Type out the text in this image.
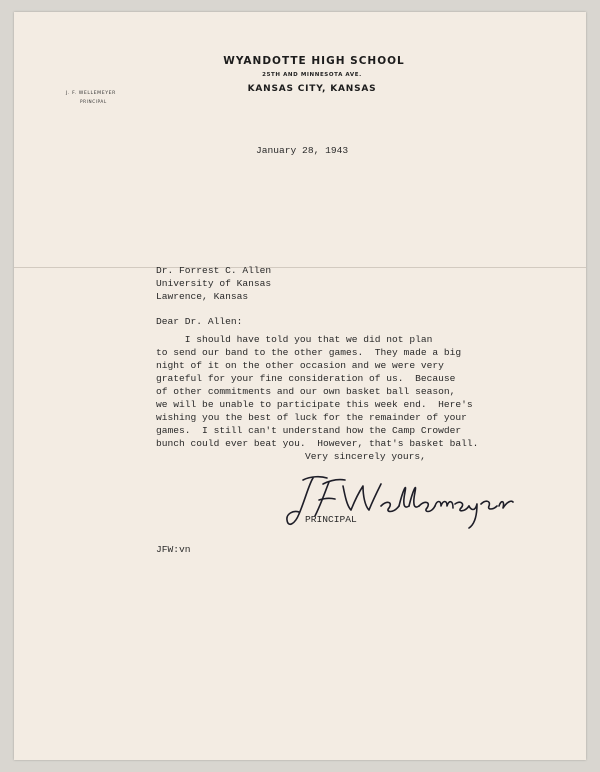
WYANDOTTE HIGH SCHOOL
25TH AND MINNESOTA AVE.
KANSAS CITY, KANSAS
J. F. WELLEMEYER
PRINCIPAL
January 28, 1943
Dr. Forrest C. Allen
University of Kansas
Lawrence, Kansas
Dear Dr. Allen:
I should have told you that we did not plan
to send our band to the other games.  They made a big
night of it on the other occasion and we were very
grateful for your fine consideration of us.  Because
of other commitments and our own basket ball season,
we will be unable to participate this week end.  Here's
wishing you the best of luck for the remainder of your
games.  I still can't understand how the Camp Crowder
bunch could ever beat you.  However, that's basket ball.
Very sincerely yours,
PRINCIPAL
JFW:vn
